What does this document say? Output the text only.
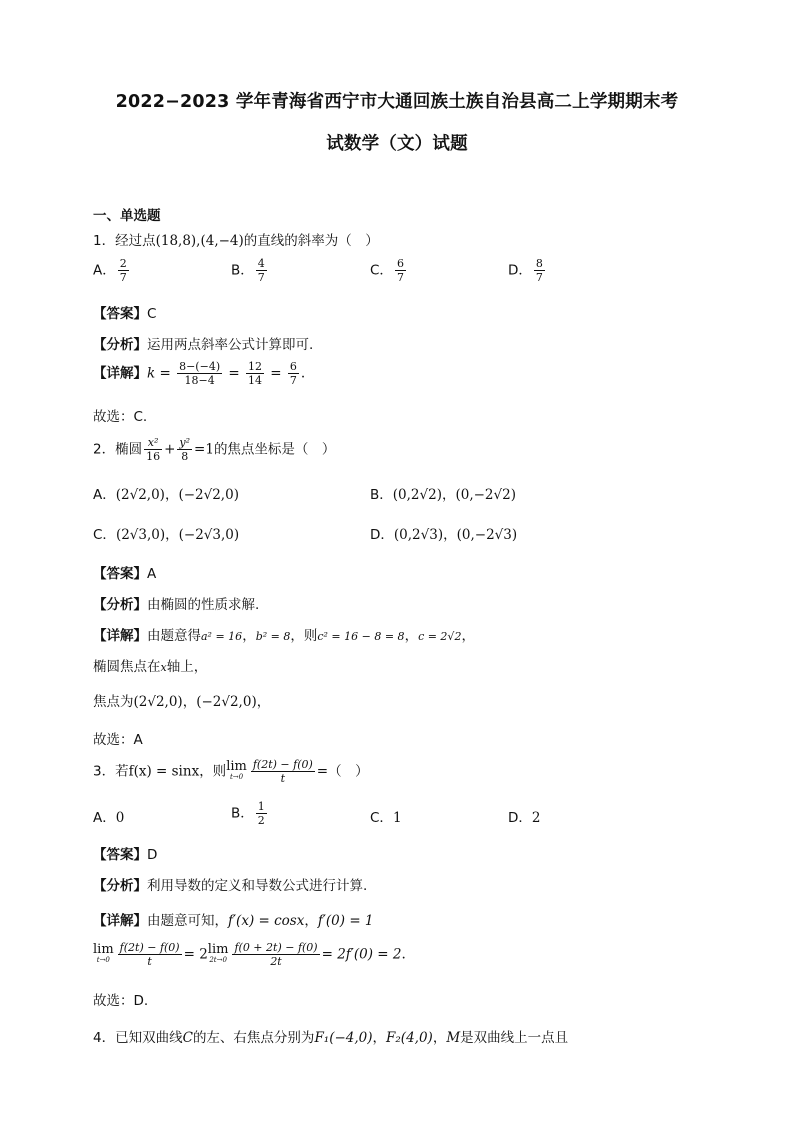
2022−2023 学年青海省西宁市大通回族土族自治县高二上学期期末考
试数学（文）试题
一、单选题
1．经过点(18,8),(4,−4)的直线的斜率为（　）
A． $\frac{2}{7}$	B． $\frac{4}{7}$	C． $\frac{6}{7}$	D． $\frac{8}{7}$
【答案】C
【分析】运用两点斜率公式计算即可.
【详解】$k = \frac{8-(-4)}{18-4} = \frac{12}{14} = \frac{6}{7}$ .
故选：C.
2．椭圆 $\frac{\text{x²}}{16} + \frac{\text{y²}}{8} =1$的焦点坐标是（　）
A．(2√2,0)，(−2√2,0)	B．(0,2√2)，(0,−2√2)
C．(2√3,0)，(−2√3,0)	D．(0,2√3)，(0,−2√3)
【答案】A
【分析】由椭圆的性质求解.
【详解】由题意得a² = 16，b² = 8，则c² = 16 − 8 = 8，c = 2√2，
椭圆焦点在x轴上，
焦点为(2√2,0)，(−2√2,0)，
故选：A
3．若f(x) = sinx，则 lim
$t\to 0 \frac{f(2t) - f(0)}{t}$ =（　）
A．0	B． $\frac{1}{2}$	C．1	D．2
【答案】D
【分析】利用导数的定义和导数公式进行计算.
【详解】由题意可知，f′(x) = cosx，f′(0) = 1
lim
$t\to 0 \frac{f(2t) - f(0)}{t} = 2$ lim
$2t\to 0 \frac{f(0 + 2t) - f(0)}{2t} = 2f'(0) = 2$.
故选：D.
4．已知双曲线C的左、右焦点分别为F₁(−4,0)，F₂(4,0)，M是双曲线上一点且
